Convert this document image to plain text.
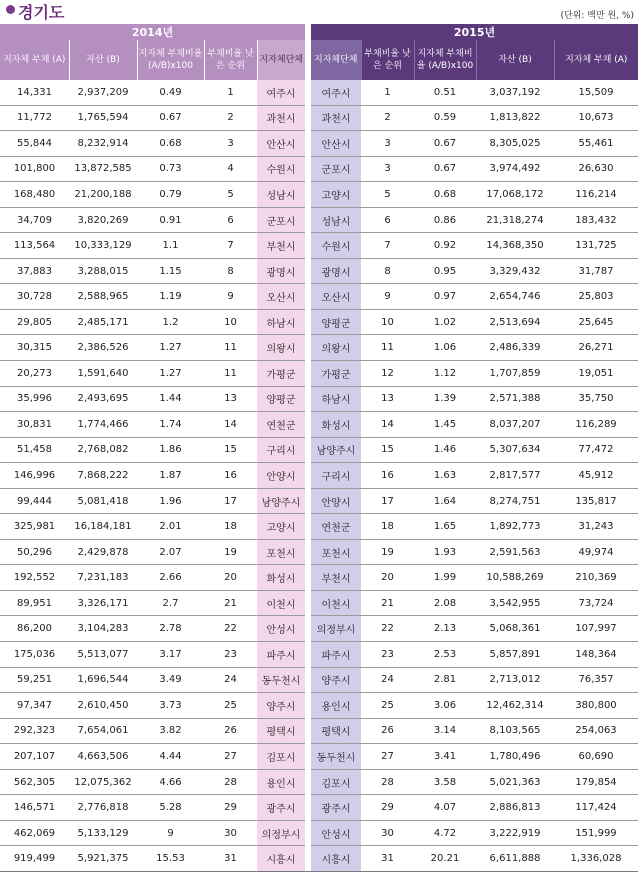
경기도	(단위: 백만 원, %)
2014년						2015년				
지자체 부채 (A)	자산 (B)	지자체 부채비율 (A/B)x100	부채비율 낮은 순위	지자체단체		지자체단체	부채비율 낮은 순위	지자체 부채비율 (A/B)x100	자산 (B)	지자체 부채 (A)
14,331	2,937,209	0.49	1	여주시		여주시	1	0.51	3,037,192	15,509
11,772	1,765,594	0.67	2	과천시		과천시	2	0.59	1,813,822	10,673
55,844	8,232,914	0.68	3	안산시		안산시	3	0.67	8,305,025	55,461
101,800	13,872,585	0.73	4	수원시		군포시	3	0.67	3,974,492	26,630
168,480	21,200,188	0.79	5	성남시		고양시	5	0.68	17,068,172	116,214
34,709	3,820,269	0.91	6	군포시		성남시	6	0.86	21,318,274	183,432
113,564	10,333,129	1.1	7	부천시		수원시	7	0.92	14,368,350	131,725
37,883	3,288,015	1.15	8	광명시		광명시	8	0.95	3,329,432	31,787
30,728	2,588,965	1.19	9	오산시		오산시	9	0.97	2,654,746	25,803
29,805	2,485,171	1.2	10	하남시		양평군	10	1.02	2,513,694	25,645
30,315	2,386,526	1.27	11	의왕시		의왕시	11	1.06	2,486,339	26,271
20,273	1,591,640	1.27	11	가평군		가평군	12	1.12	1,707,859	19,051
35,996	2,493,695	1.44	13	양평군		하남시	13	1.39	2,571,388	35,750
30,831	1,774,466	1.74	14	연천군		화성시	14	1.45	8,037,207	116,289
51,458	2,768,082	1.86	15	구리시		남양주시	15	1.46	5,307,634	77,472
146,996	7,868,222	1.87	16	안양시		구리시	16	1.63	2,817,577	45,912
99,444	5,081,418	1.96	17	남양주시		안양시	17	1.64	8,274,751	135,817
325,981	16,184,181	2.01	18	고양시		연천군	18	1.65	1,892,773	31,243
50,296	2,429,878	2.07	19	포천시		포천시	19	1.93	2,591,563	49,974
192,552	7,231,183	2.66	20	화성시		부천시	20	1.99	10,588,269	210,369
89,951	3,326,171	2.7	21	이천시		이천시	21	2.08	3,542,955	73,724
86,200	3,104,283	2.78	22	안성시		의정부시	22	2.13	5,068,361	107,997
175,036	5,513,077	3.17	23	파주시		파주시	23	2.53	5,857,891	148,364
59,251	1,696,544	3.49	24	동두천시		양주시	24	2.81	2,713,012	76,357
97,347	2,610,450	3.73	25	양주시		용인시	25	3.06	12,462,314	380,800
292,323	7,654,061	3.82	26	평택시		평택시	26	3.14	8,103,565	254,063
207,107	4,663,506	4.44	27	김포시		동두천시	27	3.41	1,780,496	60,690
562,305	12,075,362	4.66	28	용인시		김포시	28	3.58	5,021,363	179,854
146,571	2,776,818	5.28	29	광주시		광주시	29	4.07	2,886,813	117,424
462,069	5,133,129	9	30	의정부시		안성시	30	4.72	3,222,919	151,999
919,499	5,921,375	15.53	31	시흥시		시흥시	31	20.21	6,611,888	1,336,028
